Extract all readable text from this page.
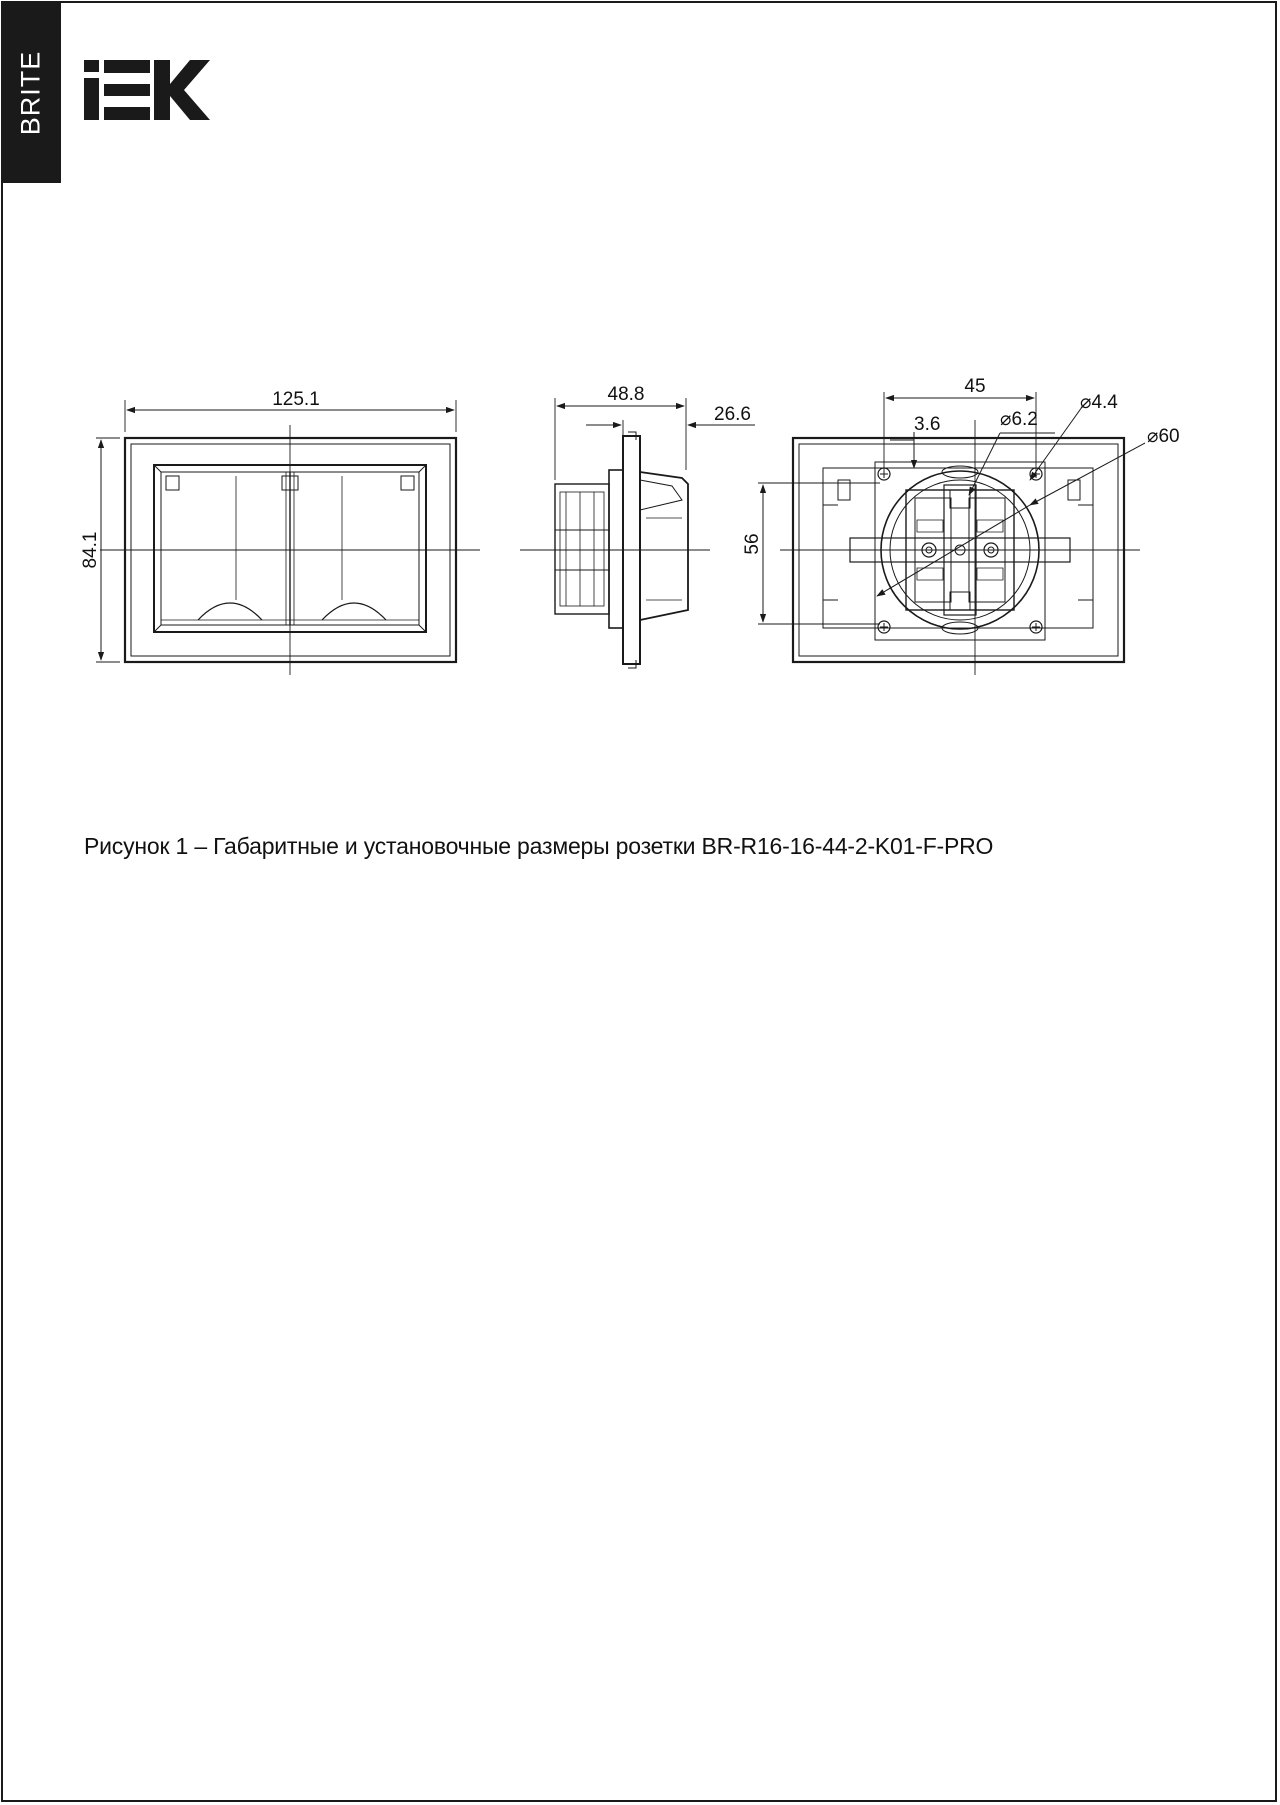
BRITE
125.1
84.1
48.8
26.6
45
3.6	⌀6.2
⌀4.4
⌀60
56
Рисунок 1 – Габаритные и установочные размеры розетки BR-R16-16-44-2-K01-F-PRO
